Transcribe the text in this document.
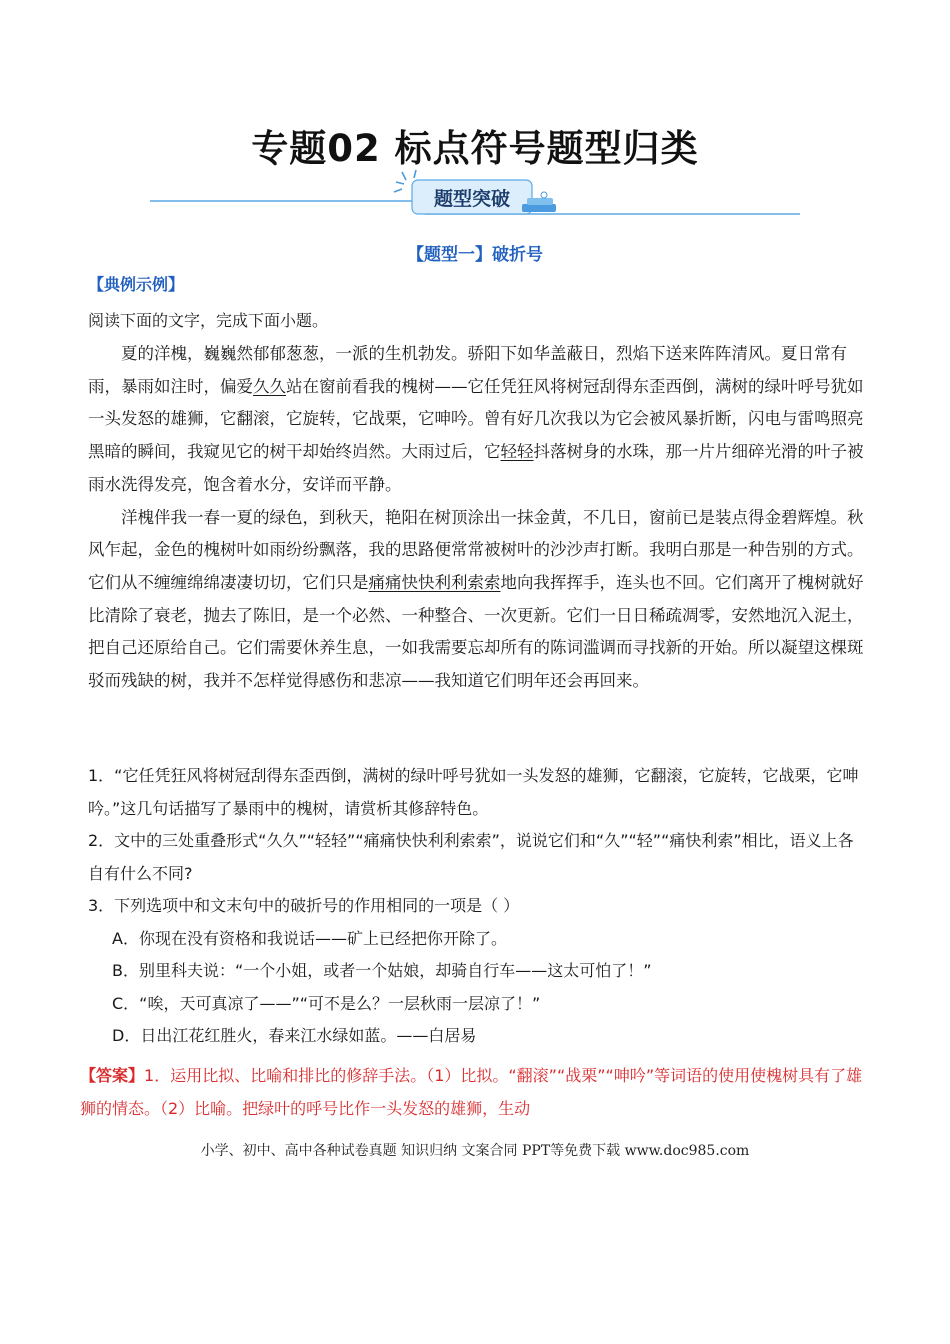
专题02 标点符号题型归类
题型突破
【题型一】破折号
【典例示例】
阅读下面的文字，完成下面小题。

夏的洋槐，巍巍然郁郁葱葱，一派的生机勃发。骄阳下如华盖蔽日，烈焰下送来阵阵清风。夏日常有雨，暴雨如注时，偏爱久久站在窗前看我的槐树——它任凭狂风将树冠刮得东歪西倒，满树的绿叶呼号犹如一头发怒的雄狮，它翻滚，它旋转，它战栗，它呻吟。曾有好几次我以为它会被风暴折断，闪电与雷鸣照亮黑暗的瞬间，我窥见它的树干却始终岿然。大雨过后，它轻轻抖落树身的水珠，那一片片细碎光滑的叶子被雨水洗得发亮，饱含着水分，安详而平静。

洋槐伴我一春一夏的绿色，到秋天，艳阳在树顶涂出一抹金黄，不几日，窗前已是装点得金碧辉煌。秋风乍起，金色的槐树叶如雨纷纷飘落，我的思路便常常被树叶的沙沙声打断。我明白那是一种告别的方式。它们从不缠缠绵绵凄凄切切，它们只是痛痛快快利利索索地向我挥挥手，连头也不回。它们离开了槐树就好比清除了衰老，抛去了陈旧，是一个必然、一种整合、一次更新。它们一日日稀疏凋零，安然地沉入泥土，把自己还原给自己。它们需要休养生息，一如我需要忘却所有的陈词滥调而寻找新的开始。所以凝望这棵斑驳而残缺的树，我并不怎样觉得感伤和悲凉——我知道它们明年还会再回来。

1．“它任凭狂风将树冠刮得东歪西倒，满树的绿叶呼号犹如一头发怒的雄狮，它翻滚，它旋转，它战栗，它呻吟。”这几句话描写了暴雨中的槐树，请赏析其修辞特色。

2．文中的三处重叠形式“久久”“轻轻”“痛痛快快利利索索”，说说它们和“久”“轻”“痛快利索”相比，语义上各自有什么不同?

3．下列选项中和文末句中的破折号的作用相同的一项是（ ）

A．你现在没有资格和我说话——矿上已经把你开除了。

B．别里科夫说：“一个小姐，或者一个姑娘，却骑自行车——这太可怕了！”

C．“唉，天可真凉了——”“可不是么？一层秋雨一层凉了！”

D．日出江花红胜火，春来江水绿如蓝。——白居易

【答案】1．运用比拟、比喻和排比的修辞手法。（1）比拟。“翻滚”“战栗”“呻吟”等词语的使用使槐树具有了雄狮的情态。（2）比喻。把绿叶的呼号比作一头发怒的雄狮，生动

小学、初中、高中各种试卷真题 知识归纳 文案合同 PPT等免费下载 www.doc985.com
